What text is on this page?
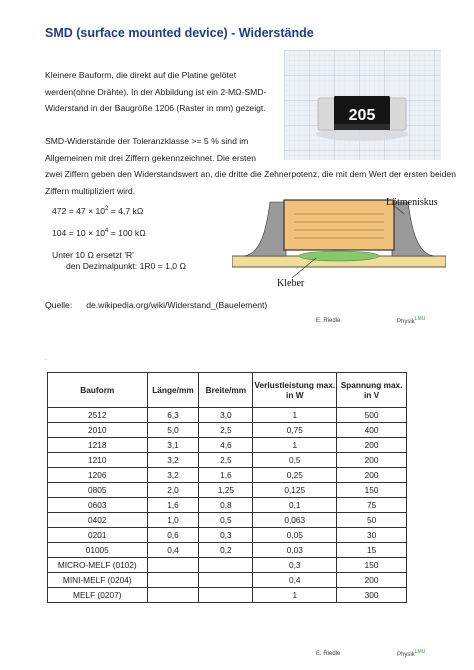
SMD (surface mounted device) - Widerstände
Kleinere Bauform, die direkt auf die Platine gelötet werden(ohne Drähte). In der Abbildung ist ein 2-MΩ-SMD-Widerstand in der Baugröße 1206 (Raster in mm) gezeigt.	205
SMD-Widerstände der Toleranzklasse >= 5 % sind im Allgemeinen mit drei Ziffern gekennzeichnet. Die ersten
zwei Ziffern geben den Widerstandswert an, die dritte die Zehnerpotenz, die mit dem Wert der ersten beiden Ziffern multipliziert wird.
$472 = 47 \times 10^2 = 4,7$ kΩ
$104 = 10 \times 10^4 = 100$ kΩ
Unter 10 Ω ersetzt 'R'
den Dezimalpunkt: 1R0 = 1,0 Ω
Lötmeniskus
Kleber
Quelle: de.wikipedia.org/wiki/Widerstand_(Bauelement)
E. Riedle	Physik$^{LMU}$
.
Bauform	Länge/mm	Breite/mm	Verlustleistung max. in W	Spannung max. in V
2512	6,3	3,0	1	500
2010	5,0	2,5	0,75	400
1218	3,1	4,6	1	200
1210	3,2	2,5	0,5	200
1206	3,2	1,6	0,25	200
0805	2,0	1,25	0,125	150
0603	1,6	0,8	0,1	75
0402	1,0	0,5	0,063	50
0201	0,6	0,3	0,05	30
01005	0,4	0,2	0,03	15
MICRO-MELF (0102)			0,3	150
MINI-MELF (0204)			0,4	200
MELF (0207)			1	300
E. Riedle	Physik$^{LMU}$
